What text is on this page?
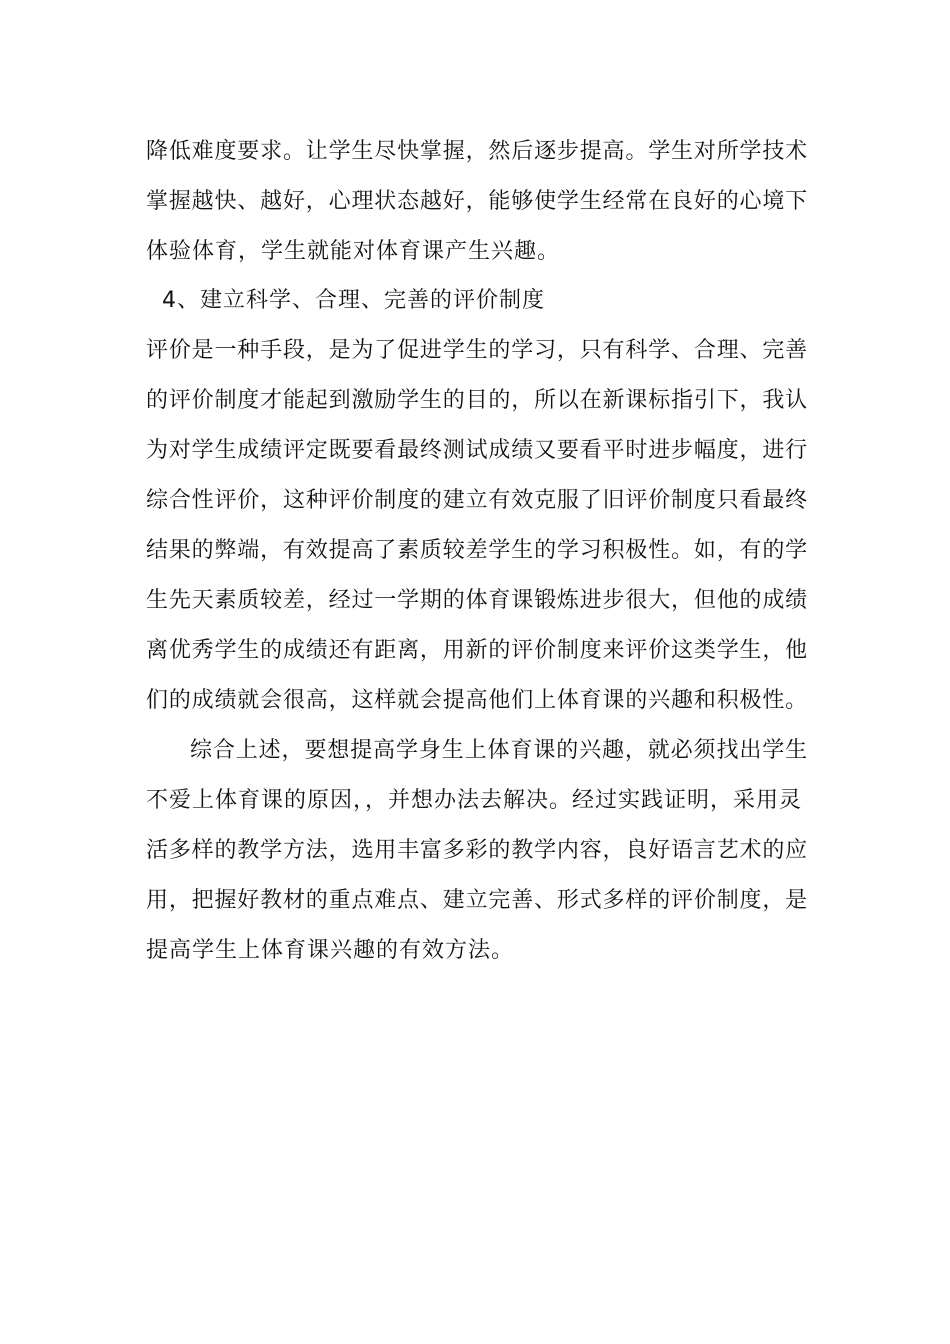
降低难度要求。让学生尽快掌握，然后逐步提高。学生对所学技术
掌握越快、越好，心理状态越好，能够使学生经常在良好的心境下
体验体育，学生就能对体育课产生兴趣。
4、建立科学、合理、完善的评价制度
评价是一种手段，是为了促进学生的学习，只有科学、合理、完善
的评价制度才能起到激励学生的目的，所以在新课标指引下，我认
为对学生成绩评定既要看最终测试成绩又要看平时进步幅度，进行
综合性评价，这种评价制度的建立有效克服了旧评价制度只看最终
结果的弊端，有效提高了素质较差学生的学习积极性。如，有的学
生先天素质较差，经过一学期的体育课锻炼进步很大，但他的成绩
离优秀学生的成绩还有距离，用新的评价制度来评价这类学生，他
们的成绩就会很高，这样就会提高他们上体育课的兴趣和积极性。
综合上述，要想提高学身生上体育课的兴趣，就必须找出学生
不爱上体育课的原因，，并想办法去解决。经过实践证明，采用灵
活多样的教学方法，选用丰富多彩的教学内容，良好语言艺术的应
用，把握好教材的重点难点、建立完善、形式多样的评价制度，是
提高学生上体育课兴趣的有效方法。
